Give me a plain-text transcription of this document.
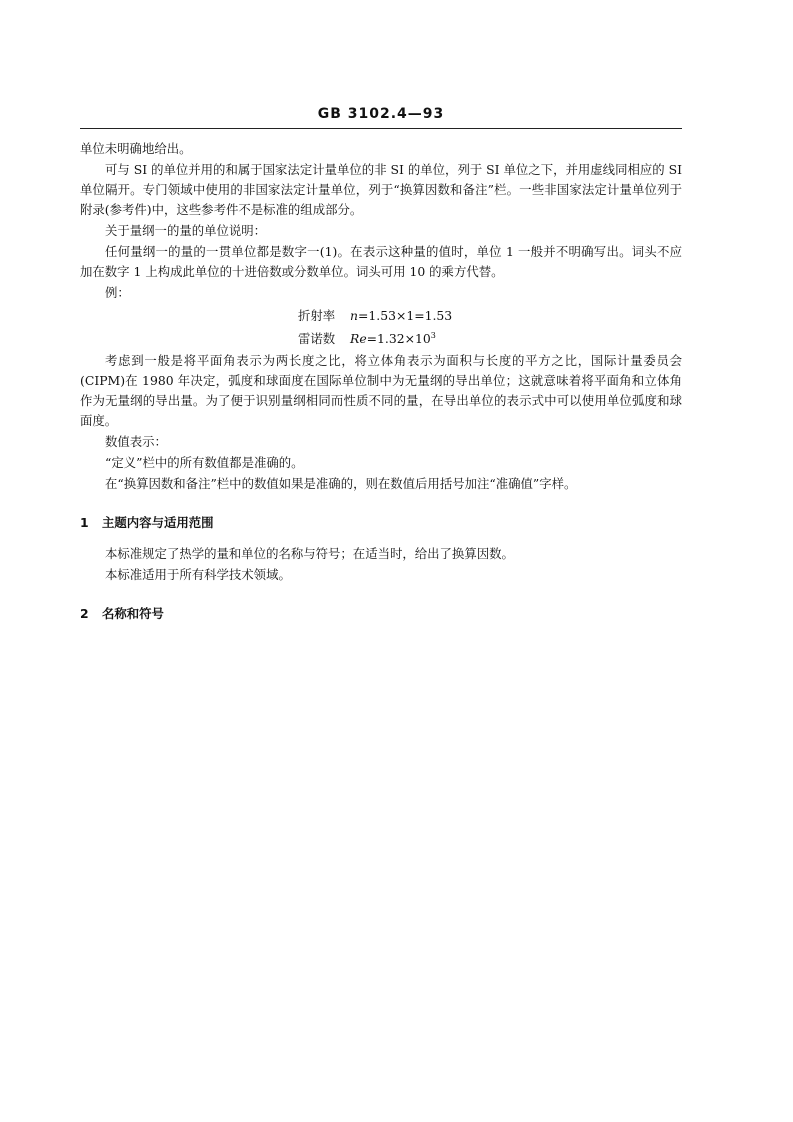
GB 3102.4—93

单位未明确地给出。

可与 SI 的单位并用的和属于国家法定计量单位的非 SI 的单位，列于 SI 单位之下，并用虚线同相应的 SI 单位隔开。专门领域中使用的非国家法定计量单位，列于“换算因数和备注”栏。一些非国家法定计量单位列于附录(参考件)中，这些参考件不是标准的组成部分。

关于量纲一的量的单位说明：

任何量纲一的量的一贯单位都是数字一(1)。在表示这种量的值时，单位 1 一般并不明确写出。词头不应加在数字 1 上构成此单位的十进倍数或分数单位。词头可用 10 的乘方代替。

例：

折射率 n=1.53×1=1.53
雷诺数 $Re=1.32\times 10^3$

考虑到一般是将平面角表示为两长度之比，将立体角表示为面积与长度的平方之比，国际计量委员会(CIPM)在 1980 年决定，弧度和球面度在国际单位制中为无量纲的导出单位；这就意味着将平面角和立体角作为无量纲的导出量。为了便于识别量纲相同而性质不同的量，在导出单位的表示式中可以使用单位弧度和球面度。

数值表示：

“定义”栏中的所有数值都是准确的。

在“换算因数和备注”栏中的数值如果是准确的，则在数值后用括号加注“准确值”字样。

1 主题内容与适用范围

本标准规定了热学的量和单位的名称与符号；在适当时，给出了换算因数。

本标准适用于所有科学技术领域。

2 名称和符号
